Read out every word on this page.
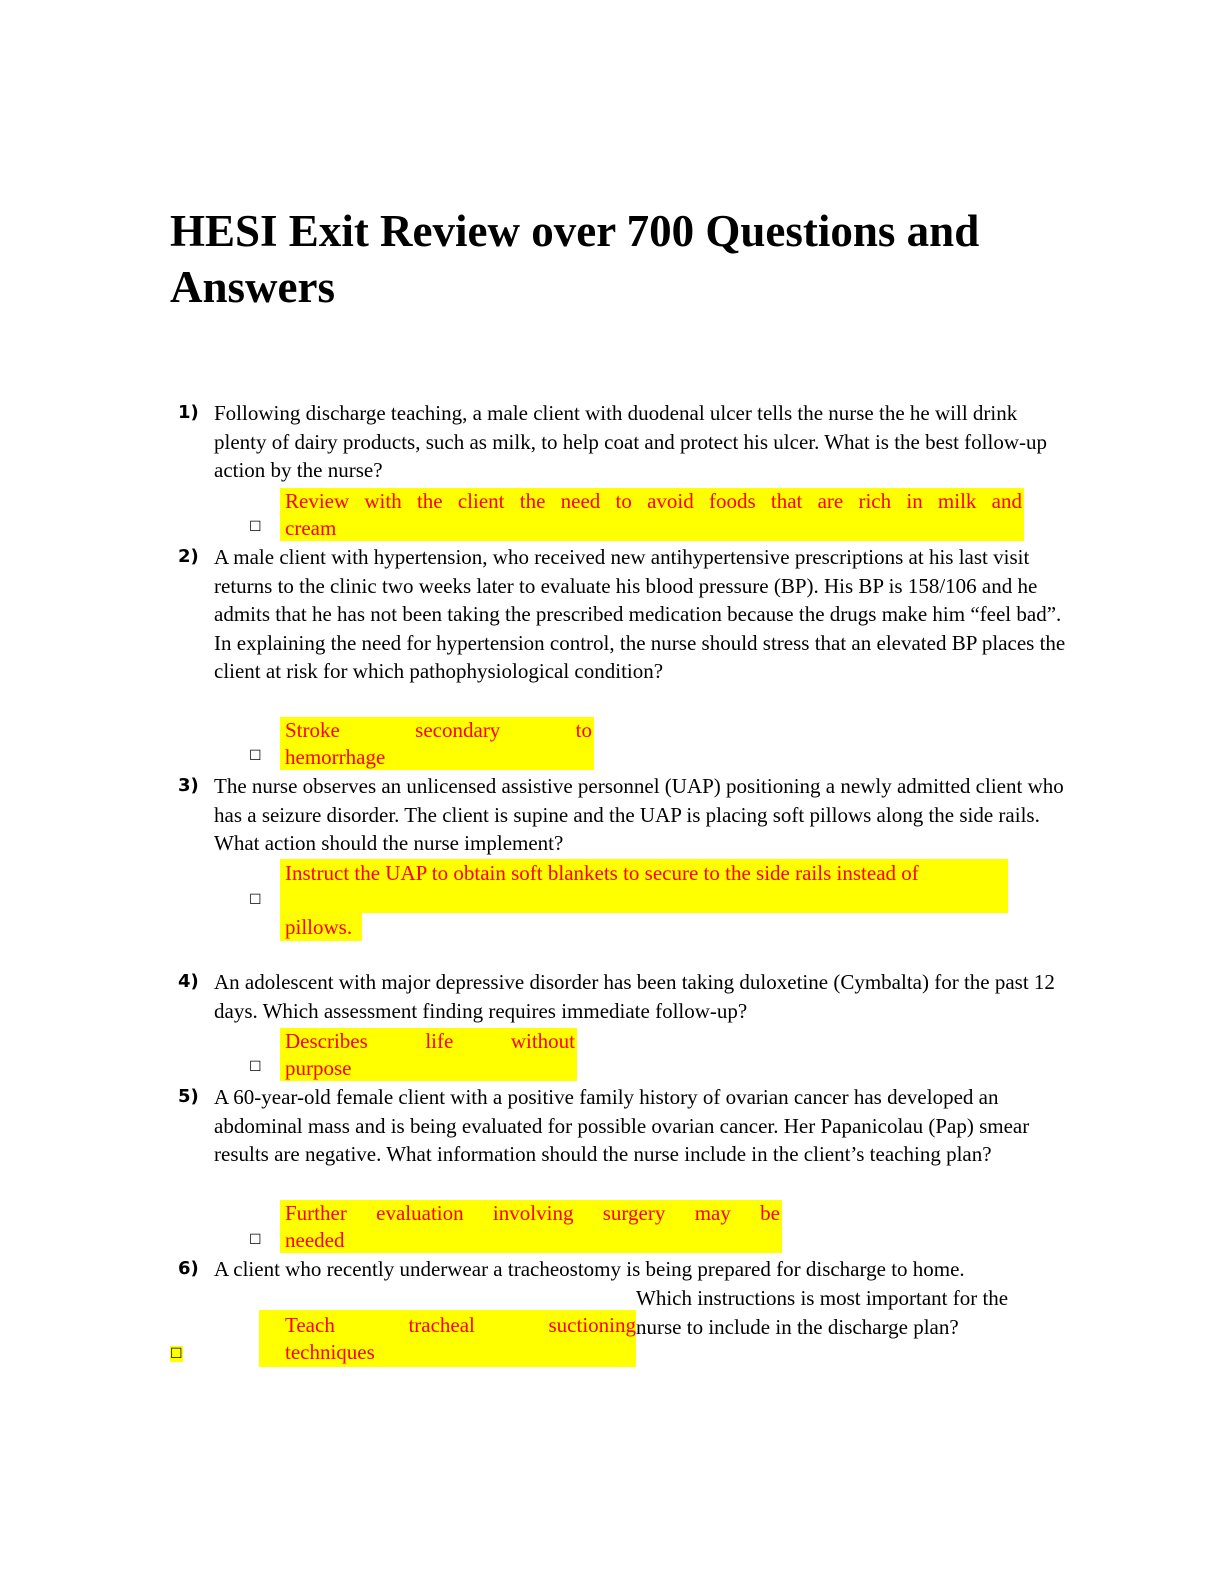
HESI Exit Review over 700 Questions and Answers
1) Following discharge teaching, a male client with duodenal ulcer tells the nurse the he will drink plenty of dairy products, such as milk, to help coat and protect his ulcer. What is the best follow-up action by the nurse?
☐
Review with the client the need to avoid foods that are rich in milk and
cream
2) A male client with hypertension, who received new antihypertensive prescriptions at his last visit returns to the clinic two weeks later to evaluate his blood pressure (BP). His BP is 158/106 and he admits that he has not been taking the prescribed medication because the drugs make him “feel bad”. In explaining the need for hypertension control, the nurse should stress that an elevated BP places the client at risk for which pathophysiological condition?
☐
Stroke secondary to
hemorrhage
3) The nurse observes an unlicensed assistive personnel (UAP) positioning a newly admitted client who has a seizure disorder. The client is supine and the UAP is placing soft pillows along the side rails. What action should the nurse implement?
☐
Instruct the UAP to obtain soft blankets to secure to the side rails instead of
pillows.
4) An adolescent with major depressive disorder has been taking duloxetine (Cymbalta) for the past 12 days. Which assessment finding requires immediate follow-up?
☐
Describes life without
purpose
5) A 60-year-old female client with a positive family history of ovarian cancer has developed an abdominal mass and is being evaluated for possible ovarian cancer. Her Papanicolau (Pap) smear results are negative. What information should the nurse include in the client’s teaching plan?
☐
Further evaluation involving surgery may be
needed
6) A client who recently underwear a tracheostomy is being prepared for discharge to home.
Which instructions is most important for the
nurse to include in the discharge plan?
☐
Teach tracheal suctioning
techniques
